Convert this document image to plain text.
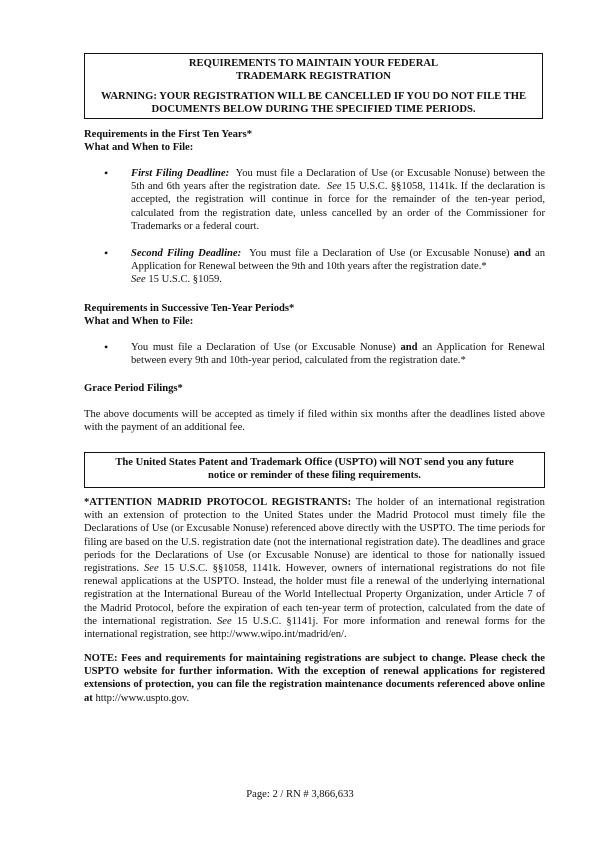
REQUIREMENTS TO MAINTAIN YOUR FEDERAL
TRADEMARK REGISTRATION
WARNING: YOUR REGISTRATION WILL BE CANCELLED IF YOU DO NOT FILE THE DOCUMENTS BELOW DURING THE SPECIFIED TIME PERIODS.
Requirements in the First Ten Years*
What and When to File:
• First Filing Deadline: You must file a Declaration of Use (or Excusable Nonuse) between the 5th and 6th years after the registration date. See 15 U.S.C. §§1058, 1141k. If the declaration is accepted, the registration will continue in force for the remainder of the ten-year period, calculated from the registration date, unless cancelled by an order of the Commissioner for Trademarks or a federal court.
• Second Filing Deadline: You must file a Declaration of Use (or Excusable Nonuse) and an Application for Renewal between the 9th and 10th years after the registration date.*
See 15 U.S.C. §1059.
Requirements in Successive Ten-Year Periods*
What and When to File:
• You must file a Declaration of Use (or Excusable Nonuse) and an Application for Renewal between every 9th and 10th-year period, calculated from the registration date.*
Grace Period Filings*
The above documents will be accepted as timely if filed within six months after the deadlines listed above with the payment of an additional fee.
The United States Patent and Trademark Office (USPTO) will NOT send you any future notice or reminder of these filing requirements.
*ATTENTION MADRID PROTOCOL REGISTRANTS: The holder of an international registration with an extension of protection to the United States under the Madrid Protocol must timely file the Declarations of Use (or Excusable Nonuse) referenced above directly with the USPTO. The time periods for filing are based on the U.S. registration date (not the international registration date). The deadlines and grace periods for the Declarations of Use (or Excusable Nonuse) are identical to those for nationally issued registrations. See 15 U.S.C. §§1058, 1141k. However, owners of international registrations do not file renewal applications at the USPTO. Instead, the holder must file a renewal of the underlying international registration at the International Bureau of the World Intellectual Property Organization, under Article 7 of the Madrid Protocol, before the expiration of each ten-year term of protection, calculated from the date of the international registration. See 15 U.S.C. §1141j. For more information and renewal forms for the international registration, see http://www.wipo.int/madrid/en/.
NOTE: Fees and requirements for maintaining registrations are subject to change. Please check the USPTO website for further information. With the exception of renewal applications for registered extensions of protection, you can file the registration maintenance documents referenced above online at http://www.uspto.gov.
Page: 2 / RN # 3,866,633
